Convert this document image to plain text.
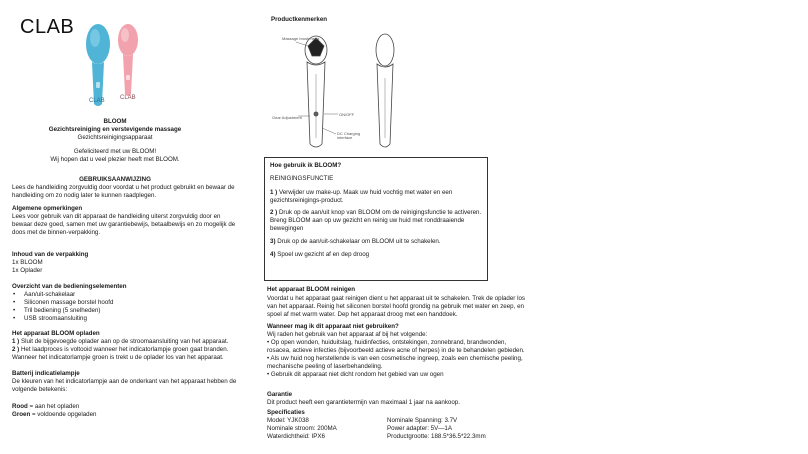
CLAB
CLAB	CLAB
BLOOM
Gezichtsreiniging en verstevigende massage
Gezichtsreinigingsapparaat
Gefeliciteerd met uw BLOOM!
Wij hopen dat u veel plezier heeft met BLOOM.
GEBRUIKSAANWIJZING
Lees de handleiding zorgvuldig door voordat u het product gebruikt en bewaar de handleiding om zo nodig later te kunnen raadplegen.
Algemene opmerkingen
Lees voor gebruik van dit apparaat de handleiding uiterst zorgvuldig door en bewaar deze goed, samen met uw garantiebewijs, betaalbewijs en zo mogelijk de doos met de binnen-verpakking.
Inhoud van de verpakking
1x BLOOM
1x Oplader
Overzicht van de bedieningselementen
• Aan/uit-schakelaar
• Siliconen massage borstel hoofd
• Tril bediening (5 snelheden)
• USB stroomaansluiting
Het apparaat BLOOM opladen
1 ) Sluit de bijgevoegde oplader aan op de stroomaansluiting van het apparaat.
2 ) Het laadproces is voltooid wanneer het indicatorlampje groen gaat branden. Wanneer het indicatorlampje groen is trekt u de oplader los van het apparaat.
Batterij indicatielampje
De kleuren van het indicatorlampje aan de onderkant van het apparaat hebben de volgende betekenis:
Rood = aan het opladen
Groen = voldoende opgeladen
Productkenmerken
Massage brush head
Gear Adjustment
ON/OFF
DC Charging interface

Hoe gebruik ik BLOOM?

REINIGINGSFUNCTIE

1 ) Verwijder uw make-up. Maak uw huid vochtig met water en een gezichtsreinigings-product.

2 ) Druk op de aan/uit knop van BLOOM om de reinigingsfunctie te activeren. Breng BLOOM aan op uw gezicht en reinig uw huid met ronddraaiende bewegingen

3) Druk op de aan/uit-schakelaar om BLOOM uit te schakelen.

4) Spoel uw gezicht af en dep droog

Het apparaat BLOOM reinigen
Voordat u het apparaat gaat reinigen dient u het apparaat uit te schakelen. Trek de oplader los van het apparaat. Reinig het siliconen borstel hoofd grondig na gebruik met water en zeep, en spoel af met warm water. Dep het apparaat droog met een handdoek.
Wanneer mag ik dit apparaat niet gebruiken?
Wij raden het gebruik van het apparaat af bij het volgende:
• Op open wonden, huiduitslag, huidinfecties, ontstekingen, zonnebrand, brandwonden, rosacea, actieve infecties (bijvoorbeeld actieve acne of herpes) in de te behandelen gebieden.
• Als uw huid nog herstellende is van een cosmetische ingreep, zoals een chemische peeling, mechanische peeling of laserbehandeling.
• Gebruik dit apparaat niet dicht rondom het gebied van uw ogen
Garantie
Dit product heeft een garantietermijn van maximaal 1 jaar na aankoop.
Specificaties
Model: YJK038	Nominale Spanning: 3.7V
Nominale stroom: 200MA	Power adapter: 5V—1A
Waterdichtheid: IPX6	Productgrootte: 188.5*36.5*22.3mm
